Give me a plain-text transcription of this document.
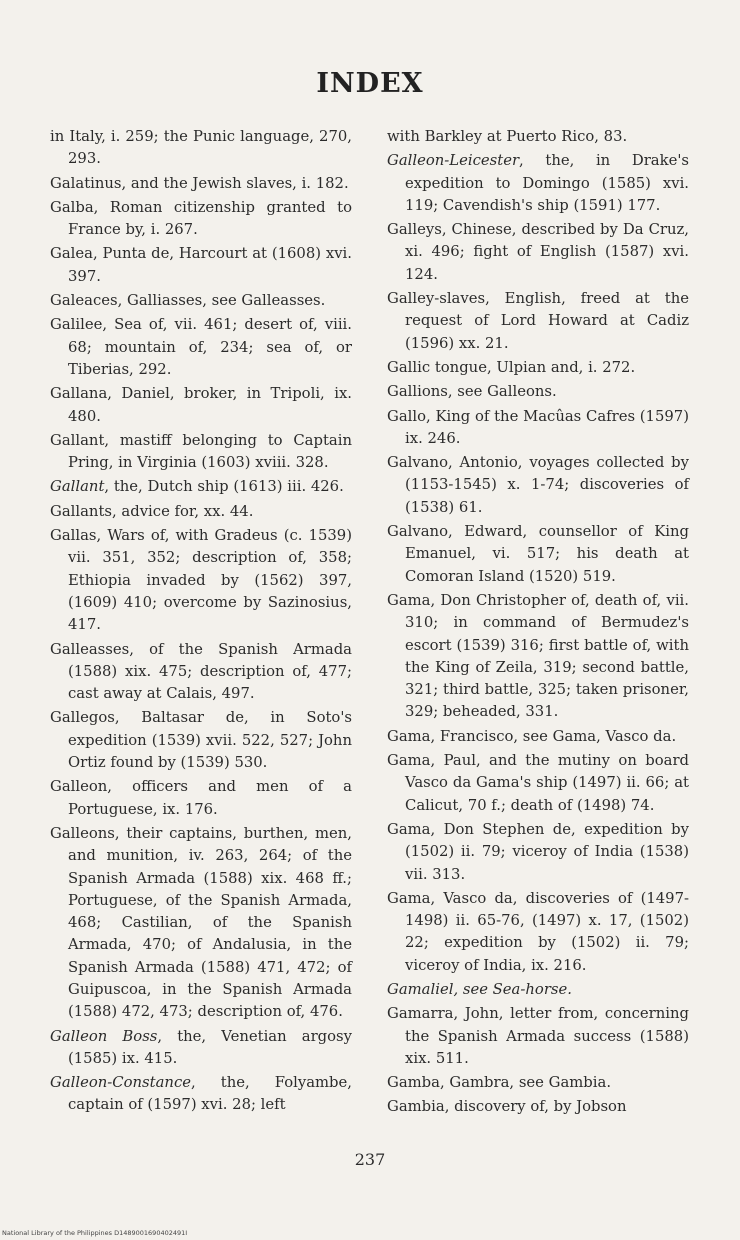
INDEX
in Italy, i. 259; the Punic language, 270, 293.
Galatinus, and the Jewish slaves, i. 182.
Galba, Roman citizenship granted to France by, i. 267.
Galea, Punta de, Harcourt at (1608) xvi. 397.
Galeaces, Galliasses, see Galleasses.
Galilee, Sea of, vii. 461; desert of, viii. 68; mountain of, 234; sea of, or Tiberias, 292.
Gallana, Daniel, broker, in Tripoli, ix. 480.
Gallant, mastiff belonging to Captain Pring, in Virginia (1603) xviii. 328.
Gallant, the, Dutch ship (1613) iii. 426.
Gallants, advice for, xx. 44.
Gallas, Wars of, with Gradeus (c. 1539) vii. 351, 352; description of, 358; Ethiopia invaded by (1562) 397, (1609) 410; overcome by Sazinosius, 417.
Galleasses, of the Spanish Armada (1588) xix. 475; description of, 477; cast away at Calais, 497.
Gallegos, Baltasar de, in Soto's expedition (1539) xvii. 522, 527; John Ortiz found by (1539) 530.
Galleon, officers and men of a Portuguese, ix. 176.
Galleons, their captains, burthen, men, and munition, iv. 263, 264; of the Spanish Armada (1588) xix. 468 ff.; Portuguese, of the Spanish Armada, 468; Castilian, of the Spanish Armada, 470; of Andalusia, in the Spanish Armada (1588) 471, 472; of Guipuscoa, in the Spanish Armada (1588) 472, 473; description of, 476.
Galleon Boss, the, Venetian argosy (1585) ix. 415.
Galleon-Constance, the, Folyambe, captain of (1597) xvi. 28; left
with Barkley at Puerto Rico, 83.
Galleon-Leicester, the, in Drake's expedition to Domingo (1585) xvi. 119; Cavendish's ship (1591) 177.
Galleys, Chinese, described by Da Cruz, xi. 496; fight of English (1587) xvi. 124.
Galley-slaves, English, freed at the request of Lord Howard at Cadiz (1596) xx. 21.
Gallic tongue, Ulpian and, i. 272.
Gallions, see Galleons.
Gallo, King of the Macûas Cafres (1597) ix. 246.
Galvano, Antonio, voyages collected by (1153-1545) x. 1-74; discoveries of (1538) 61.
Galvano, Edward, counsellor of King Emanuel, vi. 517; his death at Comoran Island (1520) 519.
Gama, Don Christopher of, death of, vii. 310; in command of Bermudez's escort (1539) 316; first battle of, with the King of Zeila, 319; second battle, 321; third battle, 325; taken prisoner, 329; beheaded, 331.
Gama, Francisco, see Gama, Vasco da.
Gama, Paul, and the mutiny on board Vasco da Gama's ship (1497) ii. 66; at Calicut, 70 f.; death of (1498) 74.
Gama, Don Stephen de, expedition by (1502) ii. 79; viceroy of India (1538) vii. 313.
Gama, Vasco da, discoveries of (1497-1498) ii. 65-76, (1497) x. 17, (1502) 22; expedition by (1502) ii. 79; viceroy of India, ix. 216.
Gamaliel, see Sea-horse.
Gamarra, John, letter from, concerning the Spanish Armada success (1588) xix. 511.
Gamba, Gambra, see Gambia.
Gambia, discovery of, by Jobson
237
National Library of the Philippines D1489001690402491I
